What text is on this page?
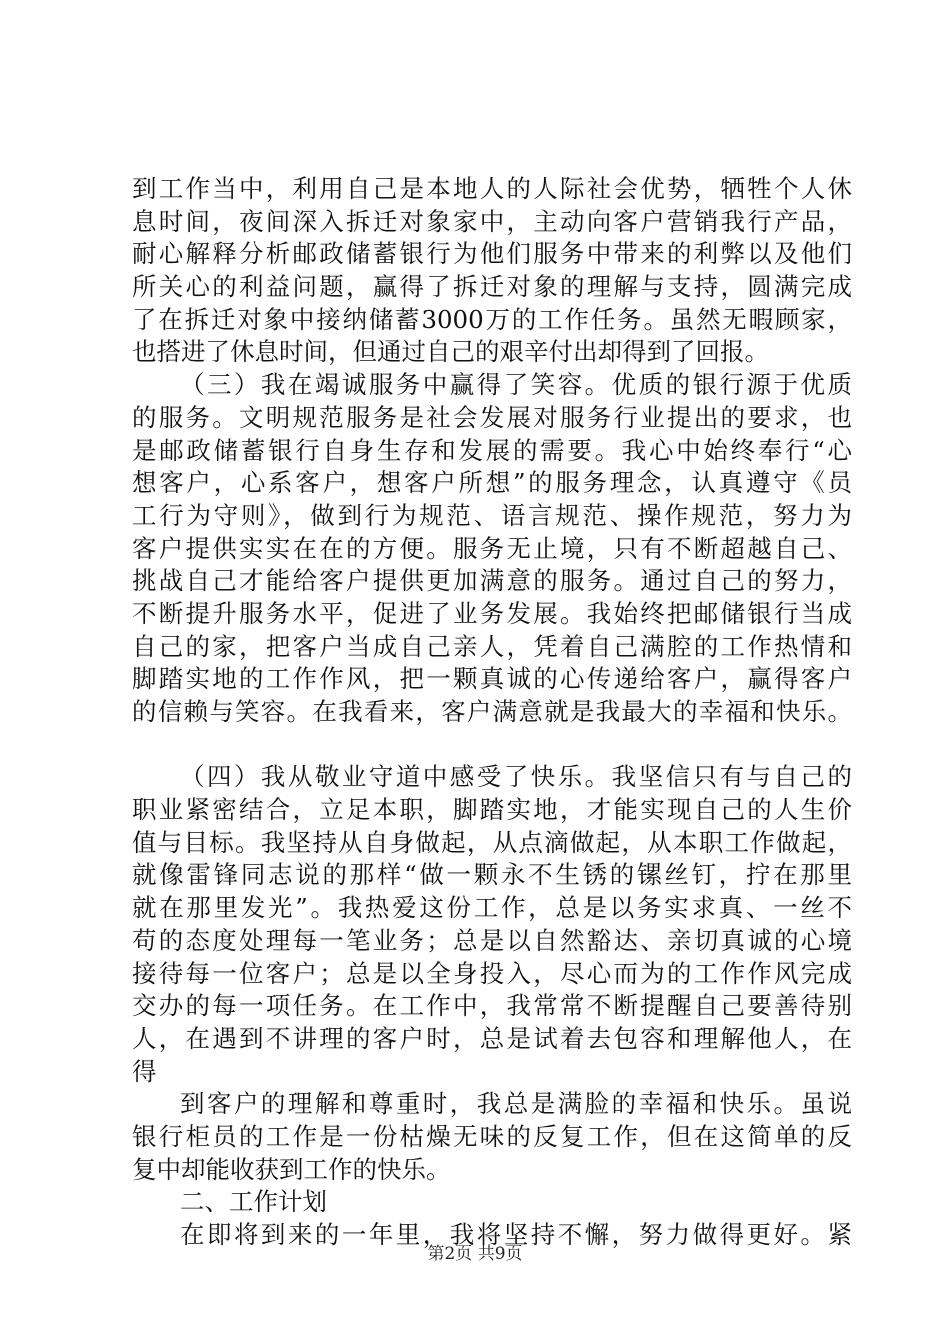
到工作当中，利用自己是本地人的人际社会优势，牺牲个人休
息时间，夜间深入拆迁对象家中，主动向客户营销我行产品，
耐心解释分析邮政储蓄银行为他们服务中带来的利弊以及他们
所关心的利益问题，赢得了拆迁对象的理解与支持，圆满完成
了在拆迁对象中接纳储蓄3000万的工作任务。虽然无暇顾家，
也搭进了休息时间，但通过自己的艰辛付出却得到了回报。
（三）我在竭诚服务中赢得了笑容。优质的银行源于优质
的服务。文明规范服务是社会发展对服务行业提出的要求，也
是邮政储蓄银行自身生存和发展的需要。我心中始终奉行“心
想客户，心系客户，想客户所想”的服务理念，认真遵守《员
工行为守则》，做到行为规范、语言规范、操作规范，努力为
客户提供实实在在的方便。服务无止境，只有不断超越自己、
挑战自己才能给客户提供更加满意的服务。通过自己的努力，
不断提升服务水平，促进了业务发展。我始终把邮储银行当成
自己的家，把客户当成自己亲人，凭着自己满腔的工作热情和
脚踏实地的工作作风，把一颗真诚的心传递给客户，赢得客户
的信赖与笑容。在我看来，客户满意就是我最大的幸福和快乐。
（四）我从敬业守道中感受了快乐。我坚信只有与自己的
职业紧密结合，立足本职，脚踏实地，才能实现自己的人生价
值与目标。我坚持从自身做起，从点滴做起，从本职工作做起，
就像雷锋同志说的那样“做一颗永不生锈的镙丝钉，拧在那里
就在那里发光”。我热爱这份工作，总是以务实求真、一丝不
苟的态度处理每一笔业务；总是以自然豁达、亲切真诚的心境
接待每一位客户；总是以全身投入，尽心而为的工作作风完成
交办的每一项任务。在工作中，我常常不断提醒自己要善待别
人，在遇到不讲理的客户时，总是试着去包容和理解他人，在
得
到客户的理解和尊重时，我总是满脸的幸福和快乐。虽说
银行柜员的工作是一份枯燥无味的反复工作，但在这简单的反
复中却能收获到工作的快乐。
二、工作计划
在即将到来的一年里，我将坚持不懈，努力做得更好。紧
第2页 共9页
